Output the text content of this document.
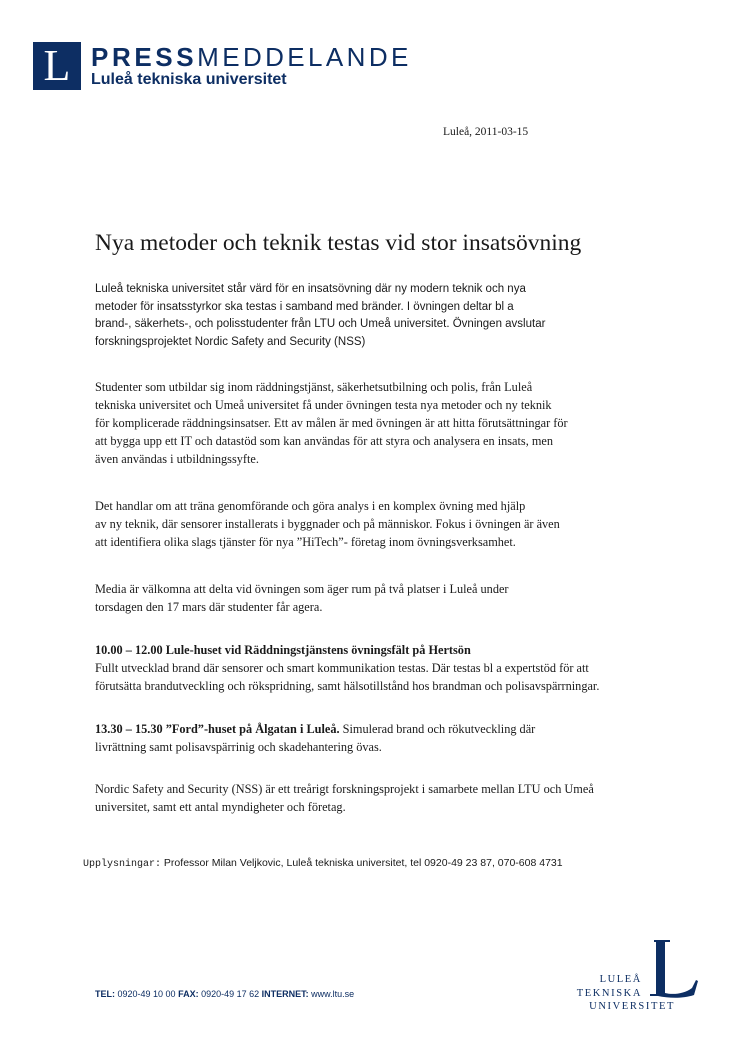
L PRESSMEDDELANDE
Luleå tekniska universitet
Luleå, 2011-03-15
Nya metoder och teknik testas vid stor insatsövning
Luleå tekniska universitet står värd för en insatsövning där ny modern teknik och nya
metoder för insatsstyrkor ska testas i samband med bränder. I övningen deltar bl a
brand-, säkerhets-, och polisstudenter från LTU och Umeå universitet. Övningen avslutar
forskningsprojektet Nordic Safety and Security (NSS)
Studenter som utbildar sig inom räddningstjänst, säkerhetsutbilning och polis, från Luleå
tekniska universitet och Umeå universitet få under övningen testa nya metoder och ny teknik
för komplicerade räddningsinsatser. Ett av målen är med övningen är att hitta förutsättningar för
att bygga upp ett IT och datastöd som kan användas för att styra och analysera en insats, men
även användas i utbildningssyfte.
Det handlar om att träna genomförande och göra analys i en komplex övning med hjälp
av ny teknik, där sensorer installerats i byggnader och på människor. Fokus i övningen är även
att identifiera olika slags tjänster för nya ”HiTech”- företag inom övningsverksamhet.
Media är välkomna att delta vid övningen som äger rum på två platser i Luleå under
torsdagen den 17 mars där studenter får agera.
10.00 – 12.00 Lule-huset vid Räddningstjänstens övningsfält på Hertsön
Fullt utvecklad brand där sensorer och smart kommunikation testas. Där testas bl a expertstöd för att
förutsätta brandutveckling och rökspridning, samt hälsotillstånd hos brandman och polisavspärrningar.
13.30 – 15.30 ”Ford”-huset på Ålgatan i Luleå. Simulerad brand och rökutveckling där
livrättning samt polisavspärrinig och skadehantering övas.
Nordic Safety and Security (NSS) är ett treårigt forskningsprojekt i samarbete mellan LTU och Umeå
universitet, samt ett antal myndigheter och företag.
Upplysningar: Professor Milan Veljkovic, Luleå tekniska universitet, tel 0920-49 23 87, 070-608 4731
TEL: 0920-49 10 00 FAX: 0920-49 17 62 INTERNET: www.ltu.se
LULEÅ
TEKNISKA
UNIVERSITET
